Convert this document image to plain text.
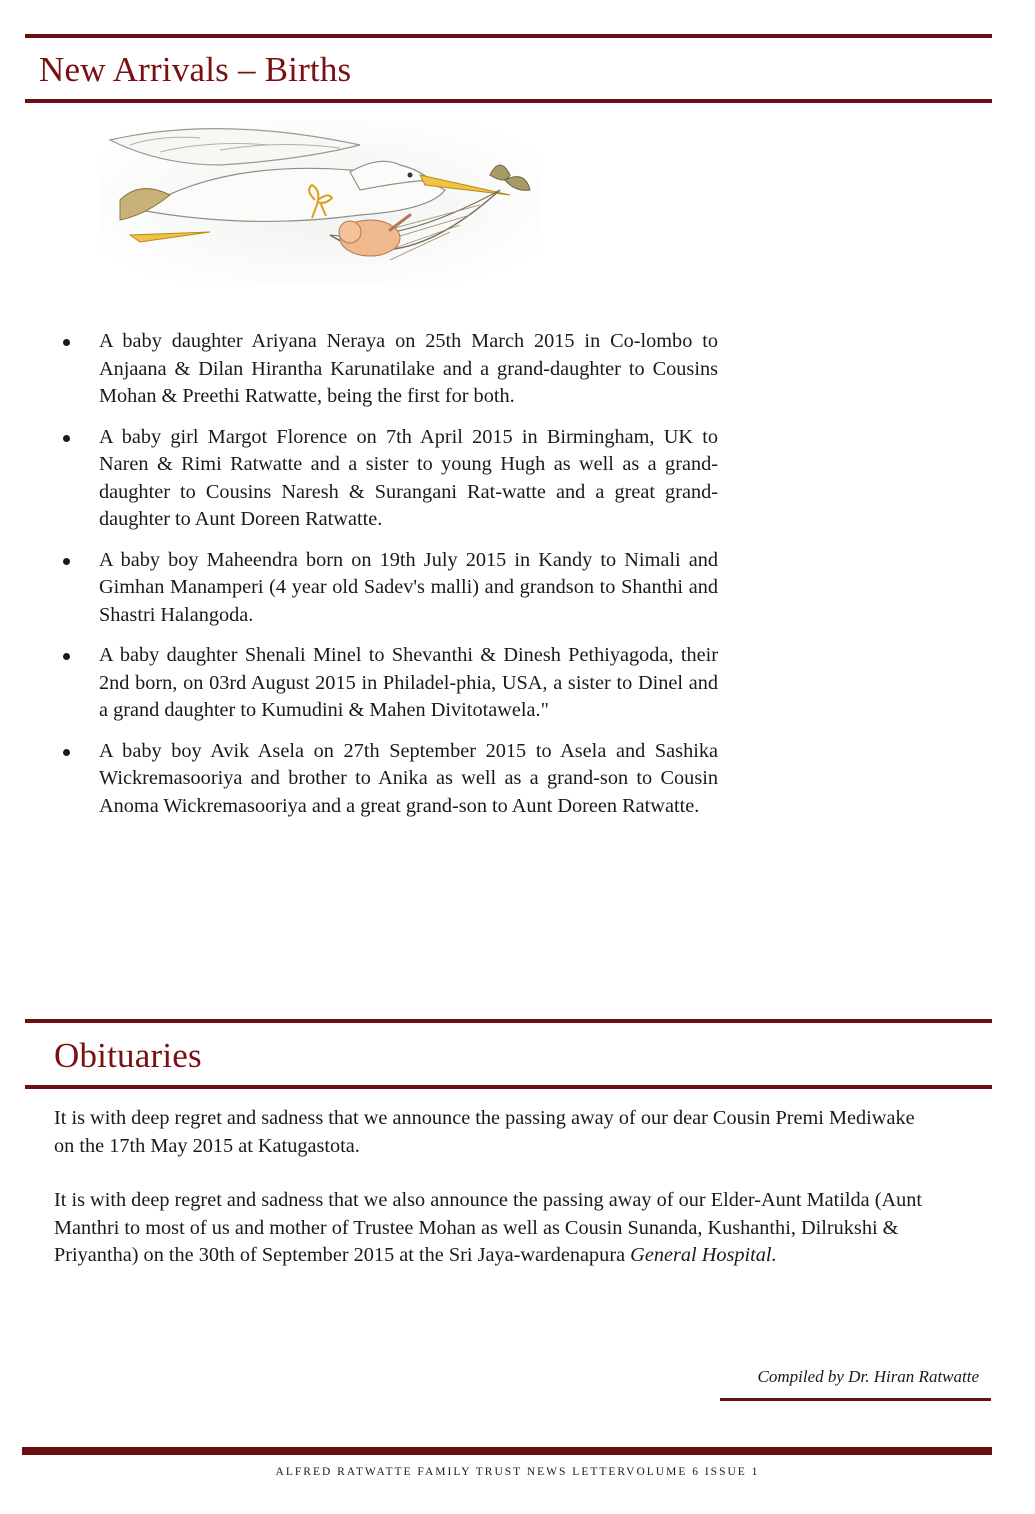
New Arrivals – Births
A baby daughter Ariyana Neraya on 25th March 2015 in Co-lombo to Anjaana & Dilan Hirantha Karunatilake and a grand-daughter to Cousins Mohan & Preethi Ratwatte, being the first for both.
A baby girl Margot Florence on 7th April 2015 in Birmingham, UK to Naren & Rimi Ratwatte and a sister to young Hugh as well as a grand-daughter to Cousins Naresh & Surangani Rat-watte and a great grand-daughter to Aunt Doreen Ratwatte.
A baby boy Maheendra born on 19th July 2015 in Kandy to Nimali and Gimhan Manamperi (4 year old Sadev's malli) and grandson to Shanthi and Shastri Halangoda.
A baby daughter Shenali Minel to Shevanthi & Dinesh Pethiyagoda, their 2nd born, on 03rd August 2015 in Philadel-phia, USA, a sister to Dinel and a grand daughter to Kumudini & Mahen Divitotawela."
A baby boy Avik Asela on 27th September 2015 to Asela and Sashika Wickremasooriya and brother to Anika as well as a grand-son to Cousin Anoma Wickremasooriya and a great grand-son to Aunt Doreen Ratwatte.
Obituaries

It is with deep regret and sadness that we announce the passing away of our dear Cousin Premi Mediwake on the 17th May 2015 at Katugastota.

It is with deep regret and sadness that we also announce the passing away of our Elder-Aunt Matilda (Aunt Manthri to most of us and mother of Trustee Mohan as well as Cousin Sunanda, Kushanthi, Dilrukshi & Priyantha) on the 30th of September 2015 at the Sri Jaya-wardenapura General Hospital.

Compiled by Dr. Hiran Ratwatte

ALFRED RATWATTE FAMILY TRUST NEWS LETTERVOLUME 6 ISSUE 1
